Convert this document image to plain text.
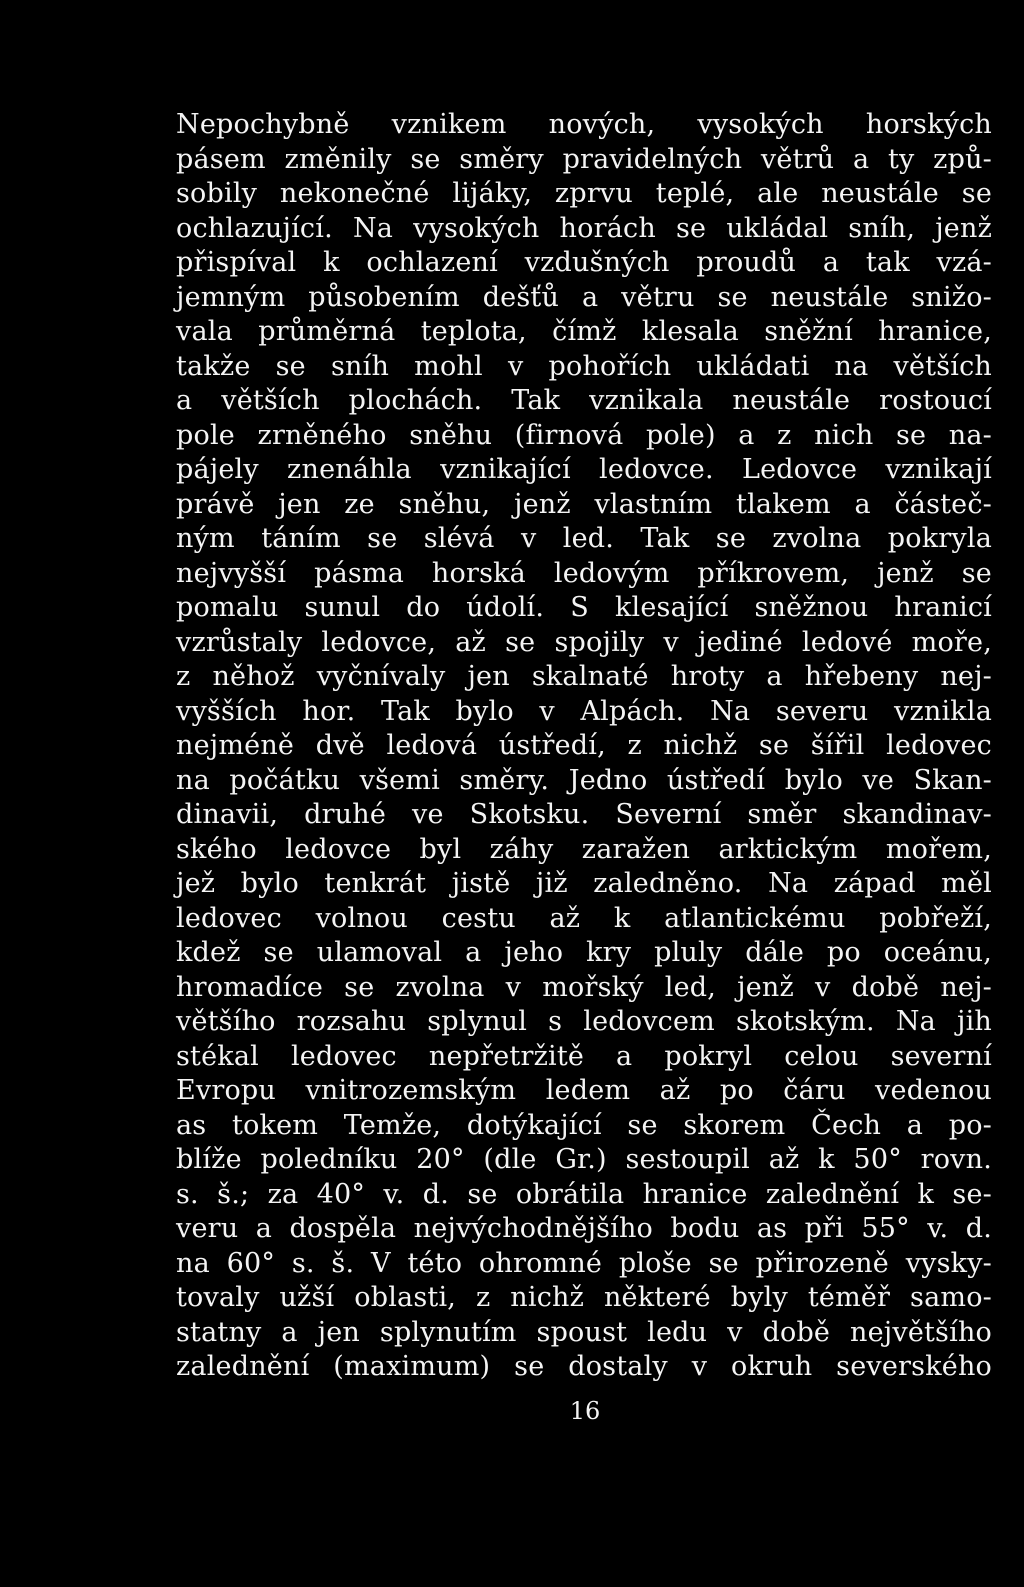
Nepochybně vznikem nových, vysokých horských
pásem změnily se směry pravidelných větrů a ty způ-
sobily nekonečné lijáky, zprvu teplé, ale neustále se
ochlazující. Na vysokých horách se ukládal sníh, jenž
přispíval k ochlazení vzdušných proudů a tak vzá-
jemným působením dešťů a větru se neustále snižo-
vala průměrná teplota, čímž klesala sněžní hranice,
takže se sníh mohl v pohořích ukládati na větších
a větších plochách. Tak vznikala neustále rostoucí
pole zrněného sněhu (firnová pole) a z nich se na-
pájely znenáhla vznikající ledovce. Ledovce vznikají
právě jen ze sněhu, jenž vlastním tlakem a částeč-
ným táním se slévá v led. Tak se zvolna pokryla
nejvyšší pásma horská ledovým příkrovem, jenž se
pomalu sunul do údolí. S klesající sněžnou hranicí
vzrůstaly ledovce, až se spojily v jediné ledové moře,
z něhož vyčnívaly jen skalnaté hroty a hřebeny nej-
vyšších hor. Tak bylo v Alpách. Na severu vznikla
nejméně dvě ledová ústředí, z nichž se šířil ledovec
na počátku všemi směry. Jedno ústředí bylo ve Skan-
dinavii, druhé ve Skotsku. Severní směr skandinav-
ského ledovce byl záhy zaražen arktickým mořem,
jež bylo tenkrát jistě již zaledněno. Na západ měl
ledovec volnou cestu až k atlantickému pobřeží,
kdež se ulamoval a jeho kry pluly dále po oceánu,
hromadíce se zvolna v mořský led, jenž v době nej-
většího rozsahu splynul s ledovcem skotským. Na jih
stékal ledovec nepřetržitě a pokryl celou severní
Evropu vnitrozemským ledem až po čáru vedenou
as tokem Temže, dotýkající se skorem Čech a po-
blíže poledníku 20° (dle Gr.) sestoupil až k 50° rovn.
s. š.; za 40° v. d. se obrátila hranice zalednění k se-
veru a dospěla nejvýchodnějšího bodu as při 55° v. d.
na 60° s. š. V této ohromné ploše se přirozeně vysky-
tovaly užší oblasti, z nichž některé byly téměř samo-
statny a jen splynutím spoust ledu v době největšího
zalednění (maximum) se dostaly v okruh severského
16
